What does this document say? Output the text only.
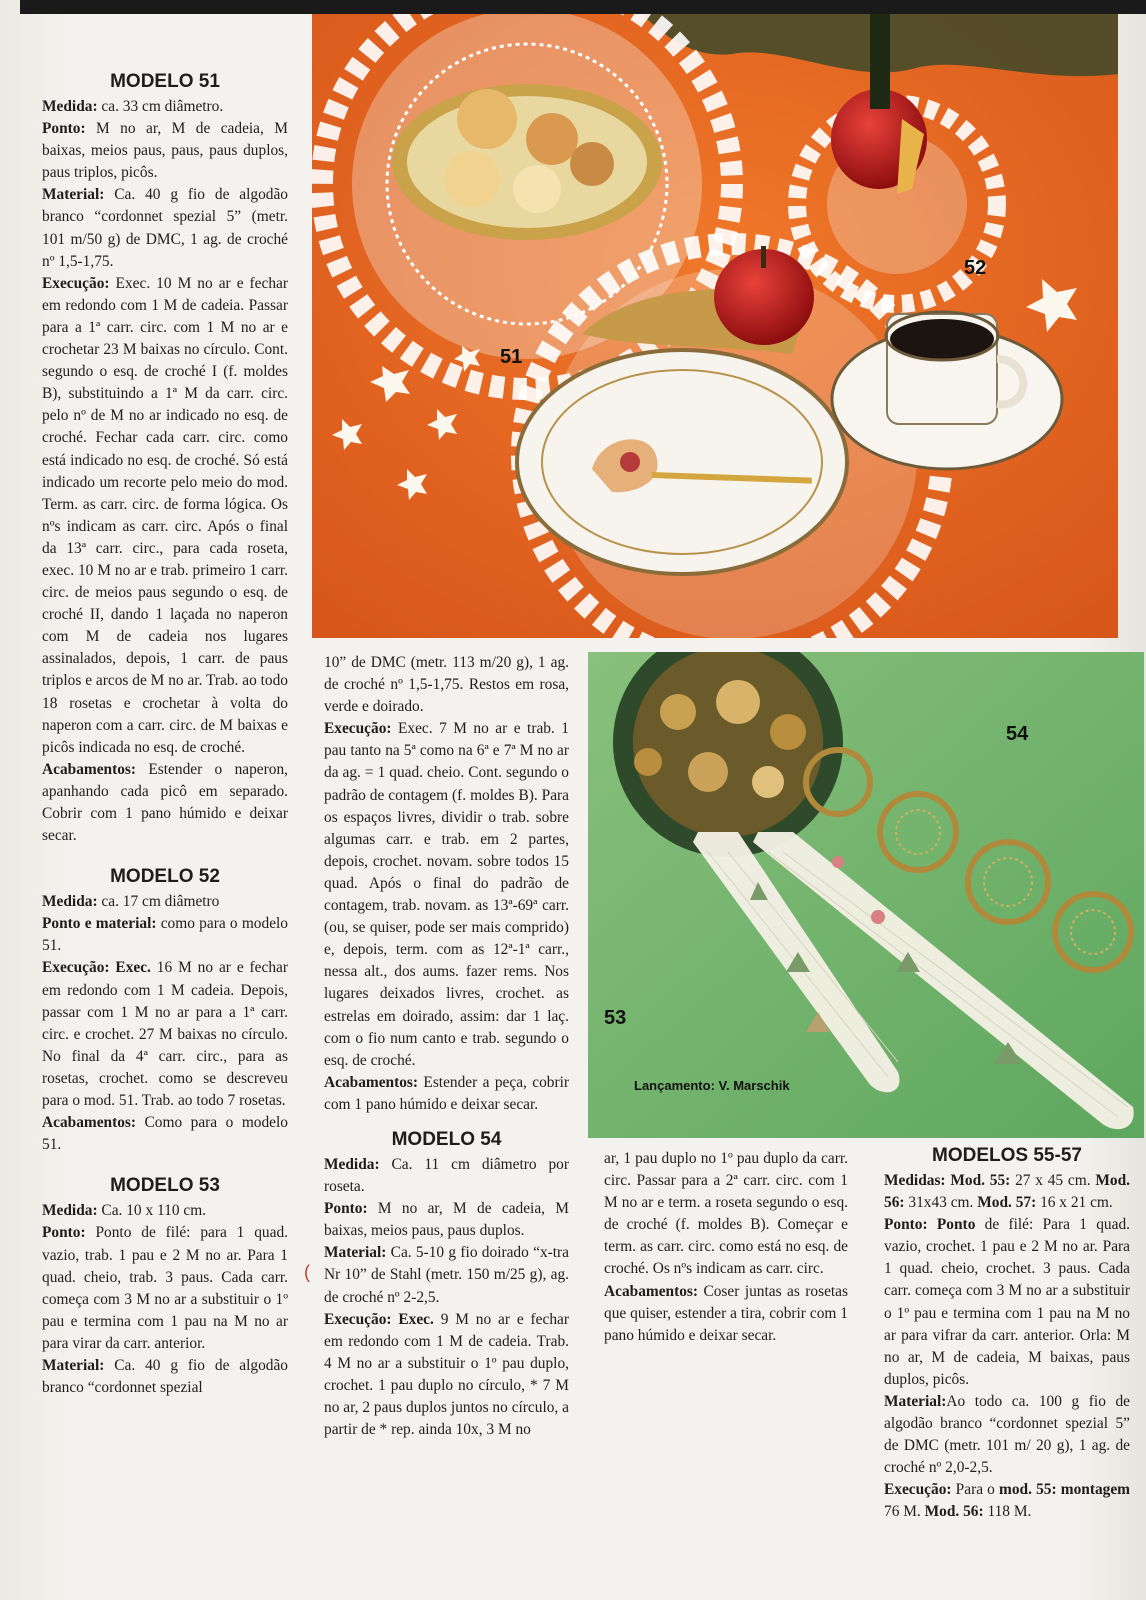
51
52
54
53
Lançamento: V. Marschik
MODELO 51

Medida: ca. 33 cm diâmetro.

Ponto: M no ar, M de cadeia, M baixas, meios paus, paus, paus duplos, paus triplos, picôs.

Material: Ca. 40 g fio de algodão branco “cordonnet spezial 5” (metr. 101 m/50 g) de DMC, 1 ag. de croché nº 1,5-1,75.

Execução: Exec. 10 M no ar e fechar em redondo com 1 M de cadeia. Passar para a 1ª carr. circ. com 1 M no ar e crochetar 23 M baixas no círculo. Cont. segundo o esq. de croché I (f. moldes B), substituindo a 1ª M da carr. circ. pelo nº de M no ar indicado no esq. de croché. Fechar cada carr. circ. como está indicado no esq. de croché. Só está indicado um recorte pelo meio do mod. Term. as carr. circ. de forma lógica. Os nºs indicam as carr. circ. Após o final da 13ª carr. circ., para cada roseta, exec. 10 M no ar e trab. primeiro 1 carr. circ. de meios paus segundo o esq. de croché II, dando 1 laçada no naperon com M de cadeia nos lugares assinalados, depois, 1 carr. de paus triplos e arcos de M no ar. Trab. ao todo 18 rosetas e crochetar à volta do naperon com a carr. circ. de M baixas e picôs indicada no esq. de croché.

Acabamentos: Estender o naperon, apanhando cada picô em separado. Cobrir com 1 pano húmido e deixar secar.

MODELO 52

Medida: ca. 17 cm diâmetro

Ponto e material: como para o modelo 51.

Execução: Exec. 16 M no ar e fechar em redondo com 1 M cadeia. Depois, passar com 1 M no ar para a 1ª carr. circ. e crochet. 27 M baixas no círculo. No final da 4ª carr. circ., para as rosetas, crochet. como se descreveu para o mod. 51. Trab. ao todo 7 rosetas.

Acabamentos: Como para o modelo 51.

MODELO 53

Medida: Ca. 10 x 110 cm.

Ponto: Ponto de filé: para 1 quad. vazio, trab. 1 pau e 2 M no ar. Para 1 quad. cheio, trab. 3 paus. Cada carr. começa com 3 M no ar a substituir o 1º pau e termina com 1 pau na M no ar para virar da carr. anterior.

Material: Ca. 40 g fio de algodão branco “cordonnet spezial

10” de DMC (metr. 113 m/20 g), 1 ag. de croché nº 1,5-1,75. Restos em rosa, verde e doirado.

Execução: Exec. 7 M no ar e trab. 1 pau tanto na 5ª como na 6ª e 7ª M no ar da ag. = 1 quad. cheio. Cont. segundo o padrão de contagem (f. moldes B). Para os espaços livres, dividir o trab. sobre algumas carr. e trab. em 2 partes, depois, crochet. novam. sobre todos 15 quad. Após o final do padrão de contagem, trab. novam. as 13ª-69ª carr. (ou, se quiser, pode ser mais comprido) e, depois, term. com as 12ª-1ª carr., nessa alt., dos aums. fazer rems. Nos lugares deixados livres, crochet. as estrelas em doirado, assim: dar 1 laç. com o fio num canto e trab. segundo o esq. de croché.

Acabamentos: Estender a peça, cobrir com 1 pano húmido e deixar secar.

MODELO 54

Medida: Ca. 11 cm diâmetro por roseta.

Ponto: M no ar, M de cadeia, M baixas, meios paus, paus duplos.

Material: Ca. 5-10 g fio doirado “x-tra Nr 10” de Stahl (metr. 150 m/25 g), ag. de croché nº 2-2,5.

Execução: Exec. 9 M no ar e fechar em redondo com 1 M de cadeia. Trab. 4 M no ar a substituir o 1º pau duplo, crochet. 1 pau duplo no círculo, * 7 M no ar, 2 paus duplos juntos no círculo, a partir de * rep. ainda 10x, 3 M no

(

ar, 1 pau duplo no 1º pau duplo da carr. circ. Passar para a 2ª carr. circ. com 1 M no ar e term. a roseta segundo o esq. de croché (f. moldes B). Começar e term. as carr. circ. como está no esq. de croché. Os nºs indicam as carr. circ.

Acabamentos: Coser juntas as rosetas que quiser, estender a tira, cobrir com 1 pano húmido e deixar secar.

MODELOS 55-57

Medidas: Mod. 55: 27 x 45 cm. Mod. 56: 31x43 cm. Mod. 57: 16 x 21 cm.

Ponto: Ponto de filé: Para 1 quad. vazio, crochet. 1 pau e 2 M no ar. Para 1 quad. cheio, crochet. 3 paus. Cada carr. começa com 3 M no ar a substituir o 1º pau e termina com 1 pau na M no ar para vifrar da carr. anterior. Orla: M no ar, M de cadeia, M baixas, paus duplos, picôs.

Material:Ao todo ca. 100 g fio de algodão branco “cordonnet spezial 5” de DMC (metr. 101 m/ 20 g), 1 ag. de croché nº 2,0-2,5.

Execução: Para o mod. 55: montagem 76 M. Mod. 56: 118 M.
